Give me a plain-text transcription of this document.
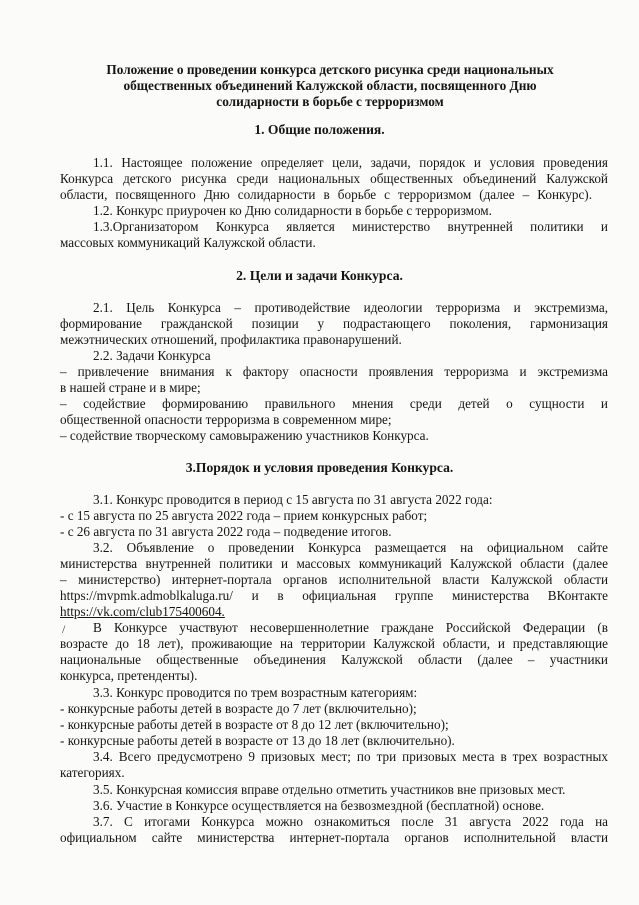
Положение о проведении конкурса детского рисунка среди национальных
общественных объединений Калужской области, посвященного Дню
солидарности в борьбе с терроризмом
1. Общие положения.
1.1. Настоящее положение определяет цели, задачи, порядок и условия проведения
Конкурса детского рисунка среди национальных общественных объединений Калужской
области, посвященного Дню солидарности в борьбе с терроризмом (далее – Конкурс).
1.2. Конкурс приурочен ко Дню солидарности в борьбе с терроризмом.
1.3.Организатором Конкурса является министерство внутренней политики и
массовых коммуникаций Калужской области.
2. Цели и задачи Конкурса.
2.1. Цель Конкурса – противодействие идеологии терроризма и экстремизма,
формирование гражданской позиции у подрастающего поколения, гармонизация
межэтнических отношений, профилактика правонарушений.
2.2. Задачи Конкурса
– привлечение внимания к фактору опасности проявления терроризма и экстремизма
в нашей стране и в мире;
– содействие формированию правильного мнения среди детей о сущности и
общественной опасности терроризма в современном мире;
– содействие творческому самовыражению участников Конкурса.
3.Порядок и условия проведения Конкурса.
3.1. Конкурс проводится в период с 15 августа по 31 августа 2022 года:
- с 15 августа по 25 августа 2022 года – прием конкурсных работ;
- с 26 августа по 31 августа 2022 года – подведение итогов.
3.2. Объявление о проведении Конкурса размещается на официальном сайте
министерства внутренней политики и массовых коммуникаций Калужской области (далее
– министерство) интернет-портала органов исполнительной власти Калужской области
https://mvpmk.admoblkaluga.ru/ и в официальная группе министерства ВКонтакте
https://vk.com/club175400604.
/ В Конкурсе участвуют несовершеннолетние граждане Российской Федерации (в
возрасте до 18 лет), проживающие на территории Калужской области, и представляющие
национальные общественные объединения Калужской области (далее – участники
конкурса, претенденты).
3.3. Конкурс проводится по трем возрастным категориям:
- конкурсные работы детей в возрасте до 7 лет (включительно);
- конкурсные работы детей в возрасте от 8 до 12 лет (включительно);
- конкурсные работы детей в возрасте от 13 до 18 лет (включительно).
3.4. Всего предусмотрено 9 призовых мест; по три призовых места в трех возрастных
категориях.
3.5. Конкурсная комиссия вправе отдельно отметить участников вне призовых мест.
3.6. Участие в Конкурсе осуществляется на безвозмездной (бесплатной) основе.
3.7. С итогами Конкурса можно ознакомиться после 31 августа 2022 года на
официальном сайте министерства интернет-портала органов исполнительной власти
